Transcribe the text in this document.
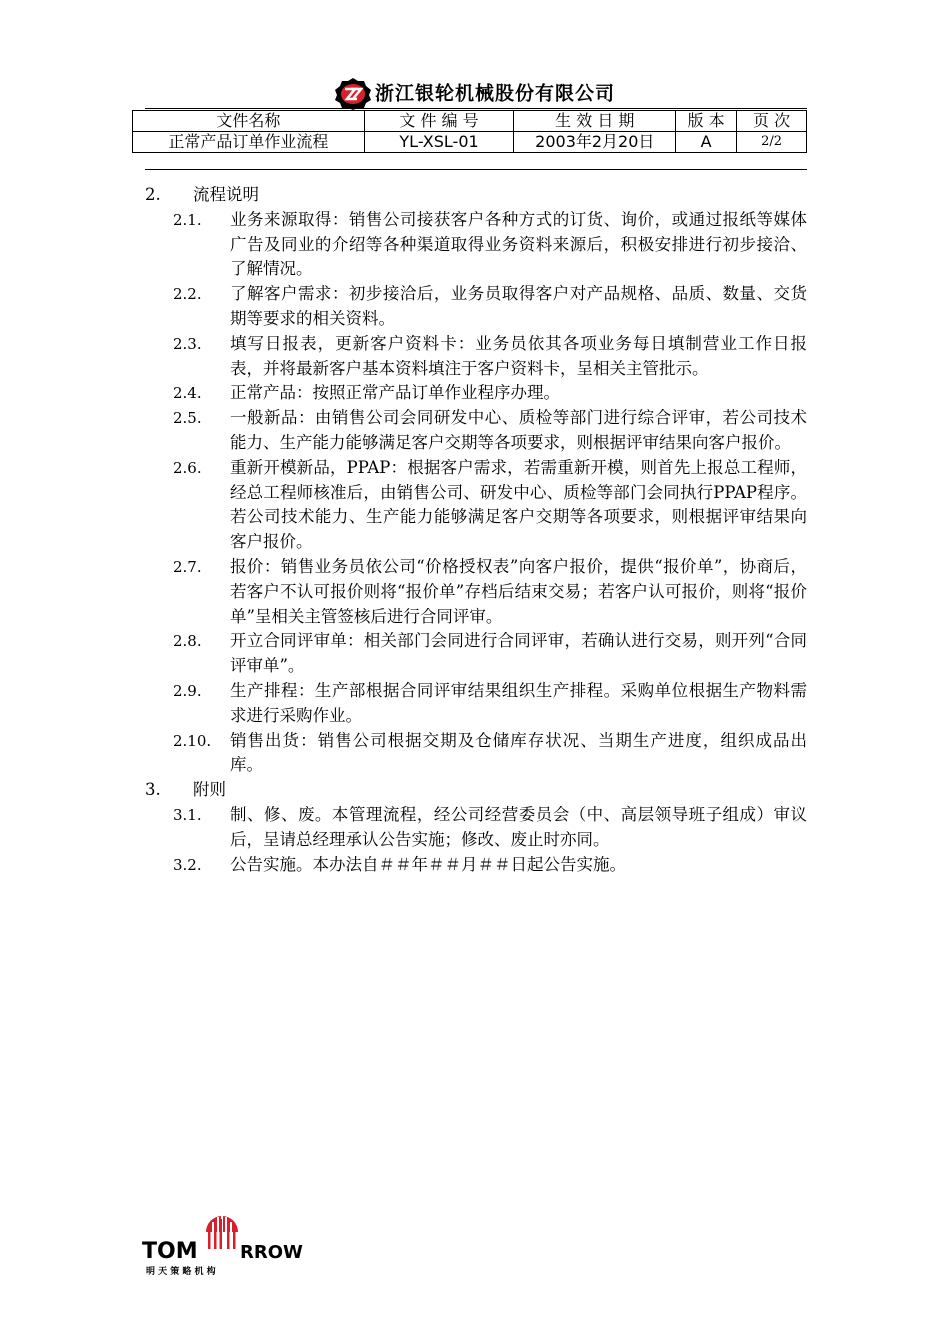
浙江银轮机械股份有限公司
文件名称	文 件 编 号	生 效 日 期	版 本	页 次
正常产品订单作业流程	YL-XSL-01	2003年2月20日	A	2/2
2.	流程说明
2.1.	业务来源取得：销售公司接获客户各种方式的订货、询价，或通过报纸等媒体广告及同业的介绍等各种渠道取得业务资料来源后，积极安排进行初步接洽、了解情况。
2.2.	了解客户需求：初步接洽后，业务员取得客户对产品规格、品质、数量、交货期等要求的相关资料。
2.3.	填写日报表，更新客户资料卡：业务员依其各项业务每日填制营业工作日报表，并将最新客户基本资料填注于客户资料卡，呈相关主管批示。
2.4.	正常产品：按照正常产品订单作业程序办理。
2.5.	一般新品：由销售公司会同研发中心、质检等部门进行综合评审，若公司技术能力、生产能力能够满足客户交期等各项要求，则根据评审结果向客户报价。
2.6.	重新开模新品，PPAP：根据客户需求，若需重新开模，则首先上报总工程师，经总工程师核准后，由销售公司、研发中心、质检等部门会同执行PPAP程序。若公司技术能力、生产能力能够满足客户交期等各项要求，则根据评审结果向客户报价。
2.7.	报价：销售业务员依公司“价格授权表”向客户报价，提供“报价单”，协商后，若客户不认可报价则将“报价单”存档后结束交易；若客户认可报价，则将“报价单”呈相关主管签核后进行合同评审。
2.8.	开立合同评审单：相关部门会同进行合同评审，若确认进行交易，则开列“合同评审单”。
2.9.	生产排程：生产部根据合同评审结果组织生产排程。采购单位根据生产物料需求进行采购作业。
2.10.	销售出货：销售公司根据交期及仓储库存状况、当期生产进度，组织成品出库。
3.	附则
3.1.	制、修、废。本管理流程，经公司经营委员会（中、高层领导班子组成）审议后，呈请总经理承认公告实施；修改、废止时亦同。
3.2.	公告实施。本办法自＃＃年＃＃月＃＃日起公告实施。
TOM RROW
明 天 策 略 机 构
